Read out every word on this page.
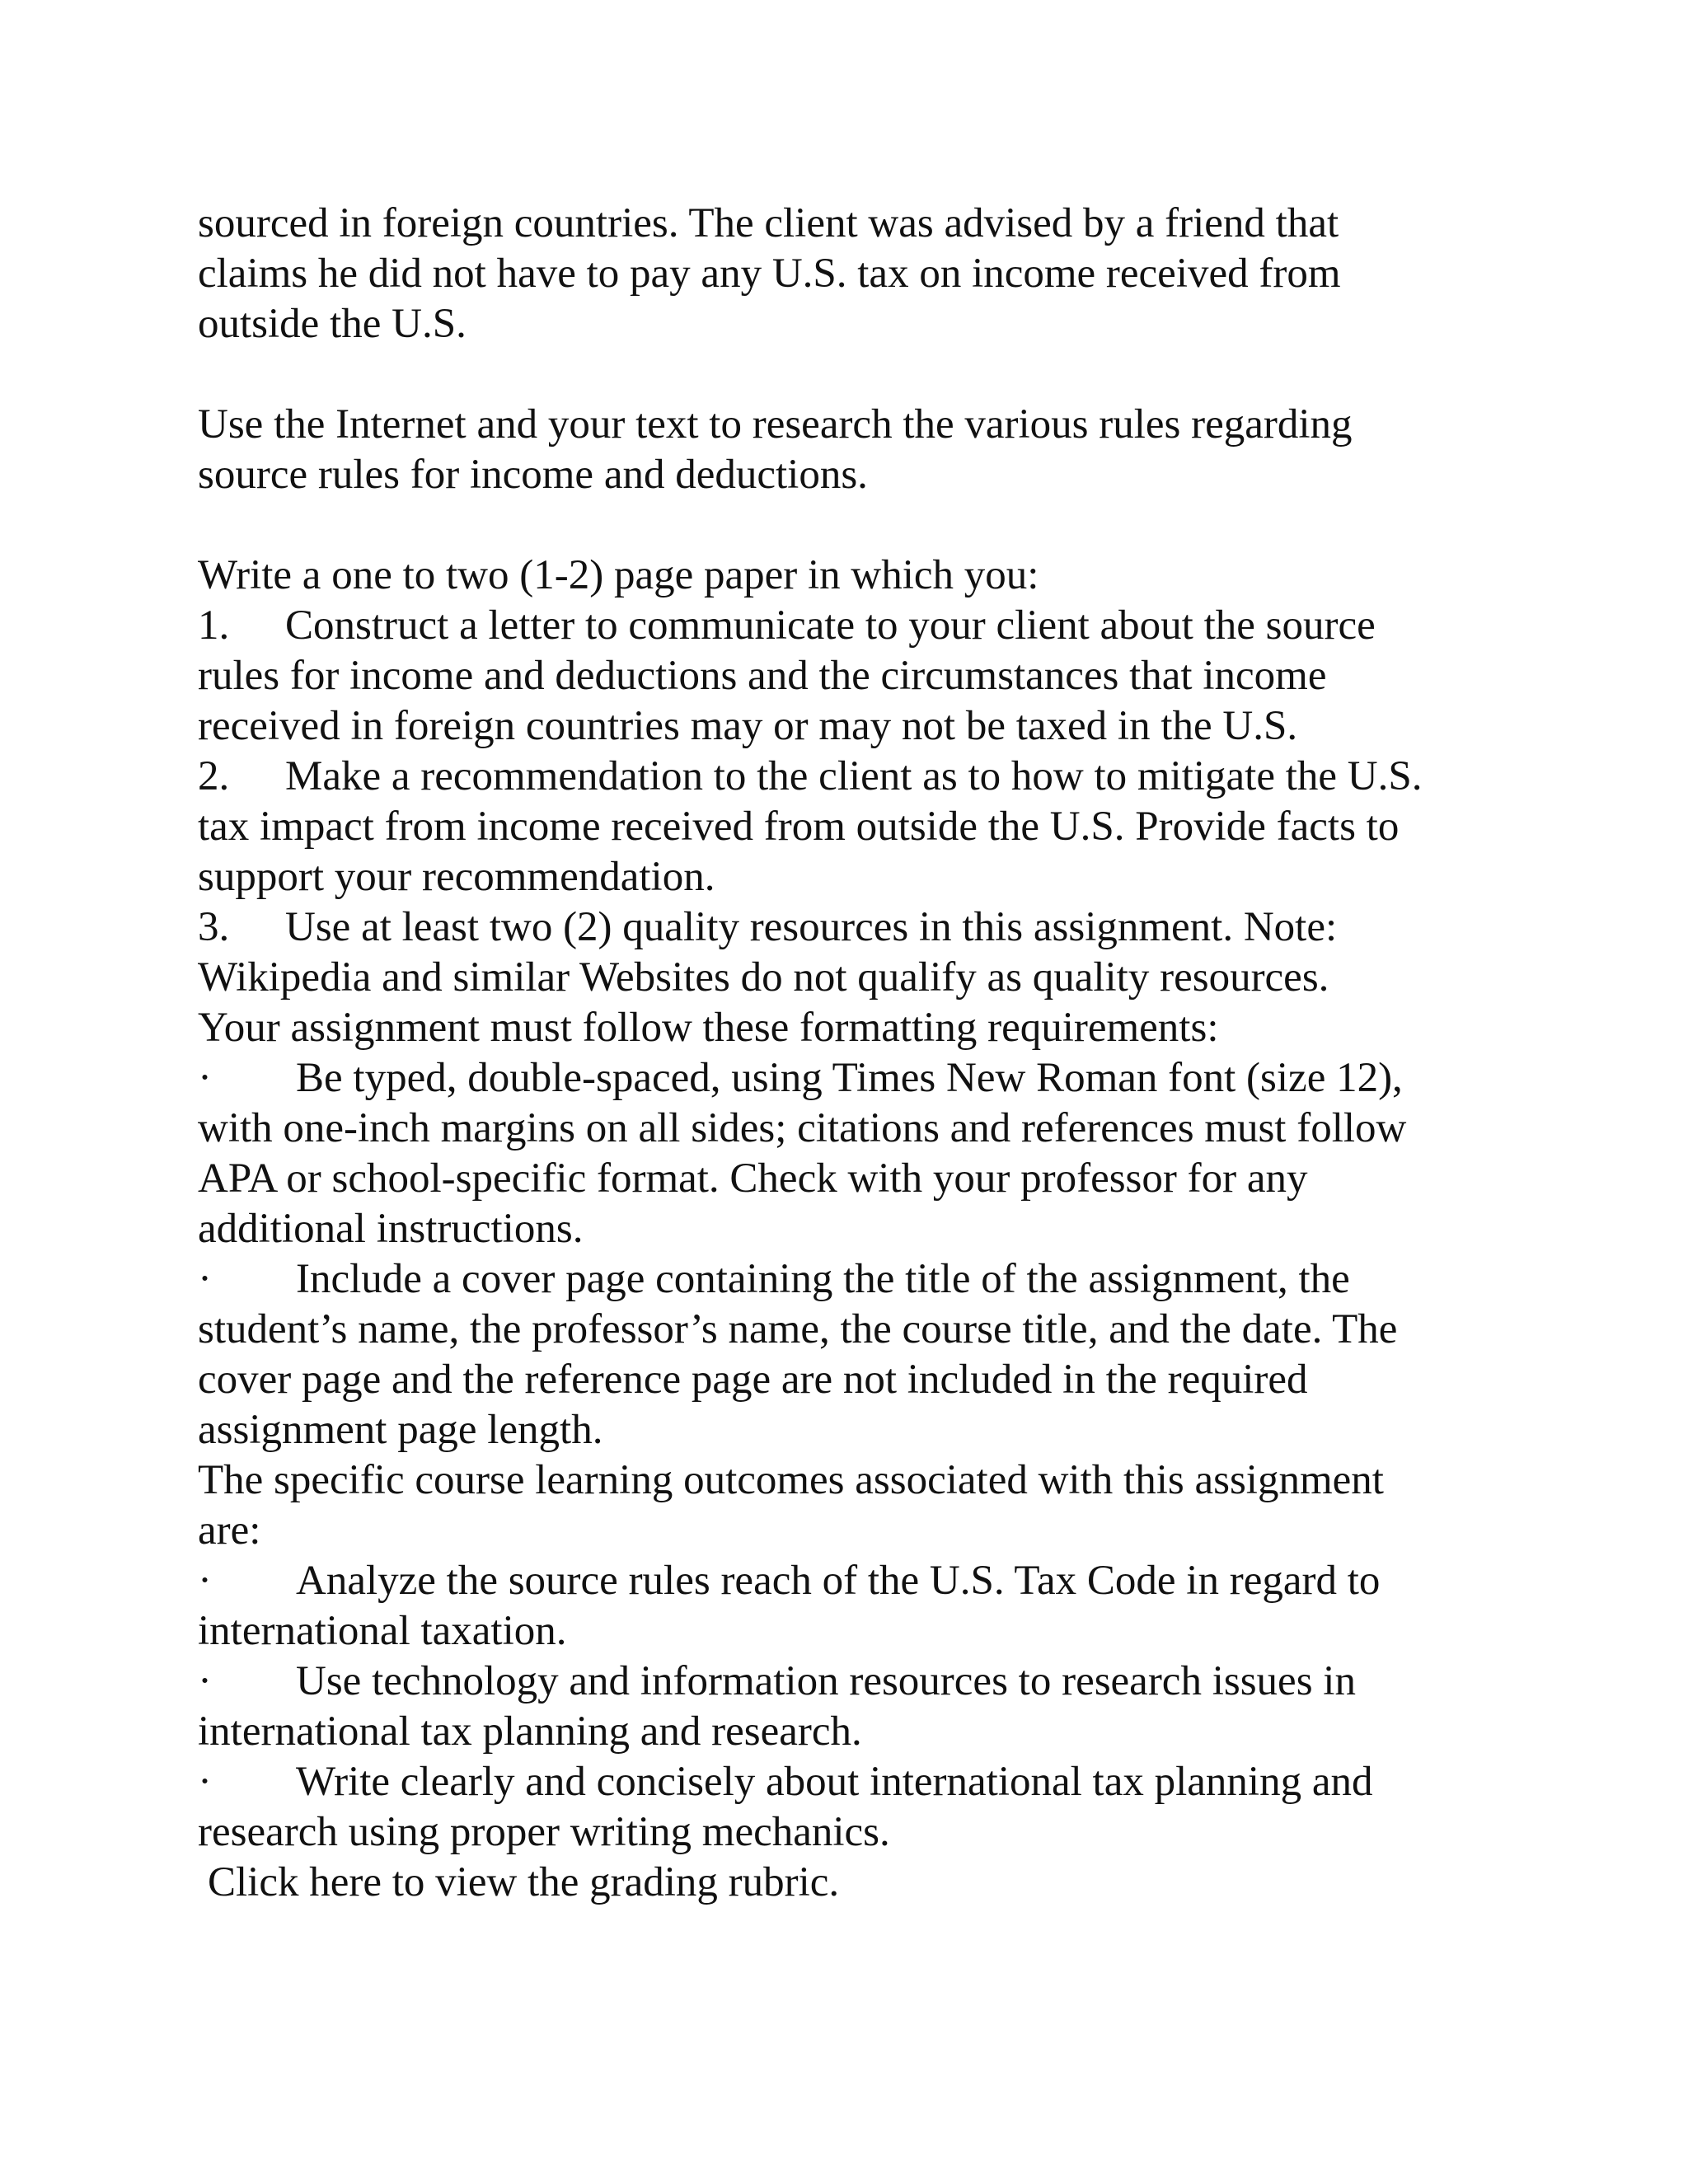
sourced in foreign countries. The client was advised by a friend that
claims he did not have to pay any U.S. tax on income received from
outside the U.S.
Use the Internet and your text to research the various rules regarding
source rules for income and deductions.
Write a one to two (1-2) page paper in which you:
1. Construct a letter to communicate to your client about the source
rules for income and deductions and the circumstances that income
received in foreign countries may or may not be taxed in the U.S.
2. Make a recommendation to the client as to how to mitigate the U.S.
tax impact from income received from outside the U.S. Provide facts to
support your recommendation.
3. Use at least two (2) quality resources in this assignment. Note:
Wikipedia and similar Websites do not qualify as quality resources.
Your assignment must follow these formatting requirements:
· Be typed, double-spaced, using Times New Roman font (size 12),
with one-inch margins on all sides; citations and references must follow
APA or school-specific format. Check with your professor for any
additional instructions.
· Include a cover page containing the title of the assignment, the
student’s name, the professor’s name, the course title, and the date. The
cover page and the reference page are not included in the required
assignment page length.
The specific course learning outcomes associated with this assignment
are:
· Analyze the source rules reach of the U.S. Tax Code in regard to
international taxation.
· Use technology and information resources to research issues in
international tax planning and research.
· Write clearly and concisely about international tax planning and
research using proper writing mechanics.
Click here to view the grading rubric.
